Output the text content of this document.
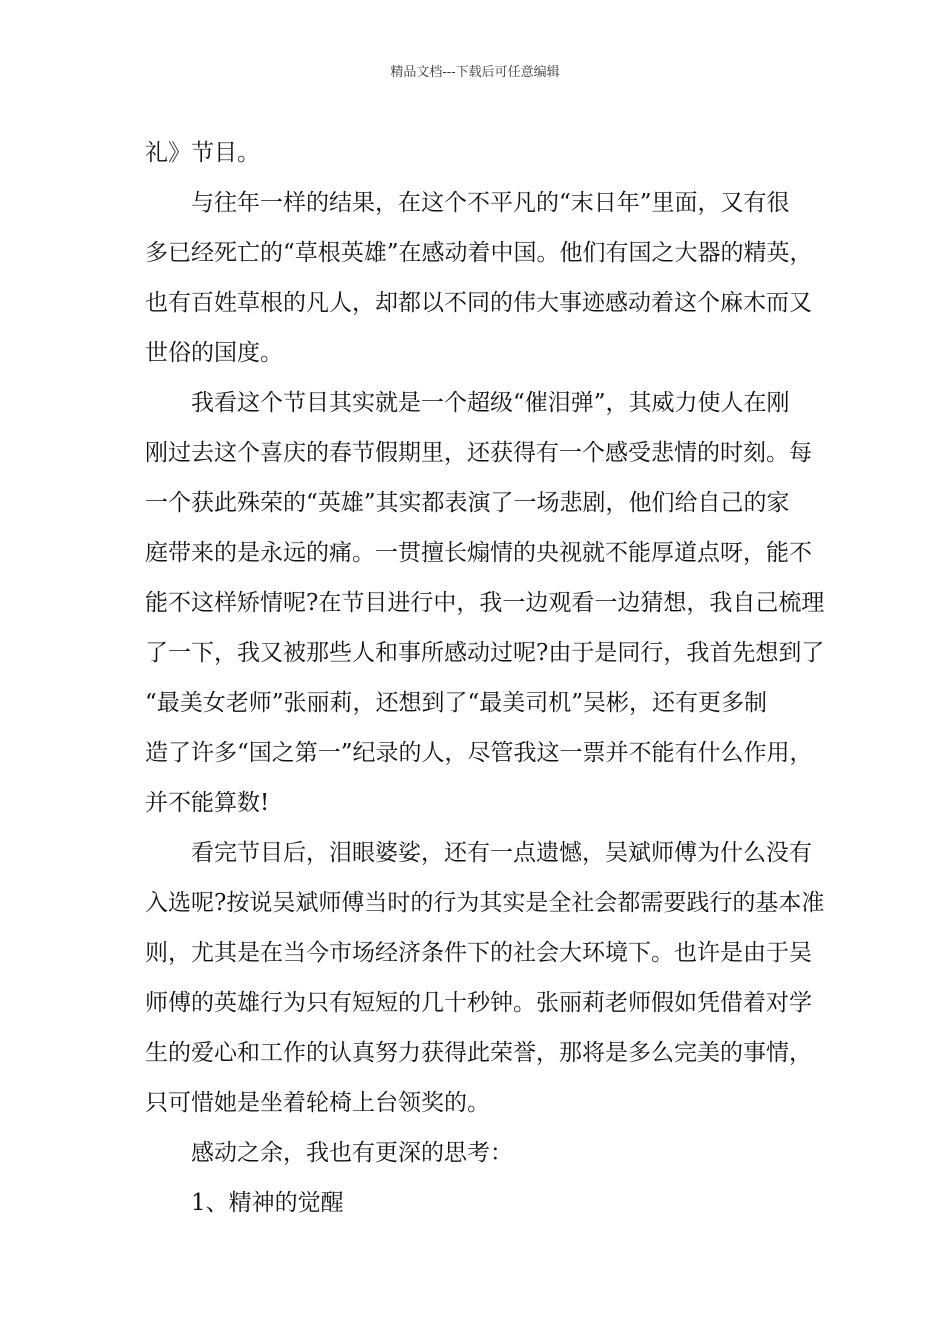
精品文档---下载后可任意编辑
礼》节目。
与往年一样的结果，在这个不平凡的“末日年”里面，又有很
多已经死亡的“草根英雄”在感动着中国。他们有国之大器的精英，
也有百姓草根的凡人，却都以不同的伟大事迹感动着这个麻木而又
世俗的国度。
我看这个节目其实就是一个超级“催泪弹”，其威力使人在刚
刚过去这个喜庆的春节假期里，还获得有一个感受悲情的时刻。每
一个获此殊荣的“英雄”其实都表演了一场悲剧，他们给自己的家
庭带来的是永远的痛。一贯擅长煽情的央视就不能厚道点呀，能不
能不这样矫情呢?在节目进行中，我一边观看一边猜想，我自己梳理
了一下，我又被那些人和事所感动过呢?由于是同行，我首先想到了
“最美女老师”张丽莉，还想到了“最美司机”吴彬，还有更多制
造了许多“国之第一”纪录的人，尽管我这一票并不能有什么作用，
并不能算数!
看完节目后，泪眼婆娑，还有一点遗憾，吴斌师傅为什么没有
入选呢?按说吴斌师傅当时的行为其实是全社会都需要践行的基本准
则，尤其是在当今市场经济条件下的社会大环境下。也许是由于吴
师傅的英雄行为只有短短的几十秒钟。张丽莉老师假如凭借着对学
生的爱心和工作的认真努力获得此荣誉，那将是多么完美的事情，
只可惜她是坐着轮椅上台领奖的。
感动之余，我也有更深的思考：
1、精神的觉醒
